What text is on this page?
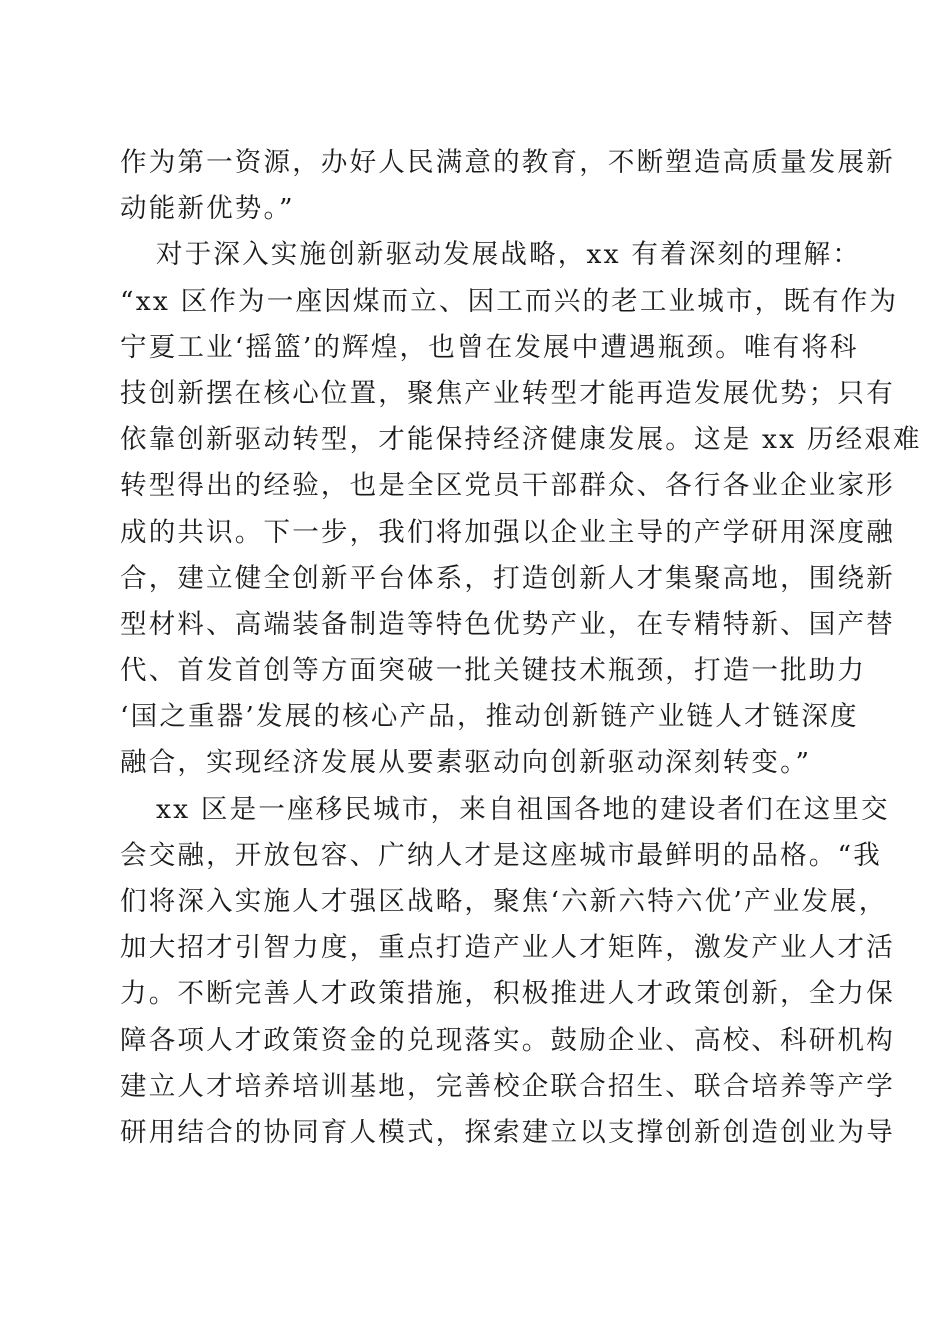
作为第一资源，办好人民满意的教育，不断塑造高质量发展新
动能新优势。”
对于深入实施创新驱动发展战略，xx 有着深刻的理解：
“xx 区作为一座因煤而立、因工而兴的老工业城市，既有作为
宁夏工业‘摇篮’的辉煌，也曾在发展中遭遇瓶颈。唯有将科
技创新摆在核心位置，聚焦产业转型才能再造发展优势；只有
依靠创新驱动转型，才能保持经济健康发展。这是 xx 历经艰难
转型得出的经验，也是全区党员干部群众、各行各业企业家形
成的共识。下一步，我们将加强以企业主导的产学研用深度融
合，建立健全创新平台体系，打造创新人才集聚高地，围绕新
型材料、高端装备制造等特色优势产业，在专精特新、国产替
代、首发首创等方面突破一批关键技术瓶颈，打造一批助力
‘国之重器’发展的核心产品，推动创新链产业链人才链深度
融合，实现经济发展从要素驱动向创新驱动深刻转变。”
xx 区是一座移民城市，来自祖国各地的建设者们在这里交
会交融，开放包容、广纳人才是这座城市最鲜明的品格。“我
们将深入实施人才强区战略，聚焦‘六新六特六优’产业发展，
加大招才引智力度，重点打造产业人才矩阵，激发产业人才活
力。不断完善人才政策措施，积极推进人才政策创新，全力保
障各项人才政策资金的兑现落实。鼓励企业、高校、科研机构
建立人才培养培训基地，完善校企联合招生、联合培养等产学
研用结合的协同育人模式，探索建立以支撑创新创造创业为导
